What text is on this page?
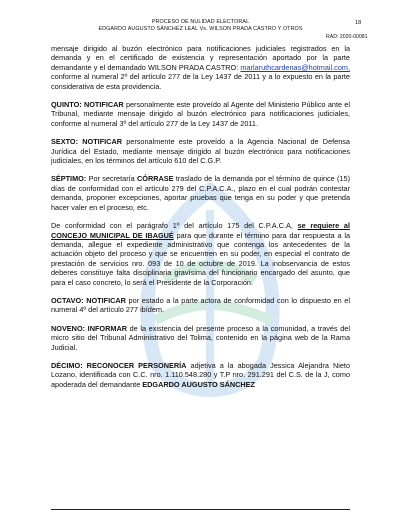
PROCESO DE NULIDAD ELECTORAL
EDGARDO AUGUSTO SÁNCHEZ LEAL Vs. WILSON PRADA CASTRO Y OTROS
18
RAD: 2020-00081

mensaje dirigido al buzón electrónico para notificaciones judiciales registrados en la demanda y en el certificado de existencia y representación aportado por la parte demandante y el demandado WILSON PRADA CASTRO: marlaruthcardenas@hotmail.com, conforme al numeral 2º del artículo 277 de la Ley 1437 de 2011 y a lo expuesto en la parte considerativa de esta providencia.

QUINTO: NOTIFICAR personalmente este proveído al Agente del Ministerio Público ante el Tribunal, mediante mensaje dirigido al buzón electrónico para notificaciones judiciales, conforme al numeral 3º del artículo 277 de la Ley 1437 de 2011.

SEXTO: NOTIFICAR personalmente este proveído a la Agencia Nacional de Defensa Jurídica del Estado, mediante mensaje dirigido al buzón electrónico para notificaciones judiciales, en los términos del artículo 610 del C.G.P.

SÉPTIMO: Por secretaría CÓRRASE traslado de la demanda por el término de quince (15) días de conformidad con el artículo 279 del C.P.A.C.A., plazo en el cual podrán contestar demanda, proponer excepciones, aportar pruebas que tenga en su poder y que pretenda hacer valer en el proceso, etc.

De conformidad con el parágrafo 1º del artículo 175 del C.P.A.C.A, se requiere al CONCEJO MUNICIPAL DE IBAGUÉ para que durante el término para dar respuesta a la demanda, allegue el expediente administrativo que contenga los antecedentes de la actuación objeto del proceso y que se encuentren en su poder, en especial el contrato de prestación de servicios nro. 093 de 10 de octubre de 2019. La inobservancia de estos deberes constituye falta disciplinaria gravísima del funcionario encargado del asunto, que para el caso concreto, lo será el Presidente de la Corporación.

OCTAVO: NOTIFICAR por estado a la parte actora de conformidad con lo dispuesto en el numeral 4º del artículo 277 ibídem.

NOVENO: INFORMAR de la existencia del presente proceso a la comunidad, a través del micro sitio del Tribunal Administrativo del Tolima, contenido en la página web de la Rama Judicial.

DÉCIMO: RECONOCER PERSONERÍA adjetiva a la abogada Jessica Alejandra Nieto Lozano, identificada con C.C. nro. 1.110.548.280 y T.P nro. 291.291 del C.S. de la J, como apoderada del demandante EDGARDO AUGUSTO SÁNCHEZ
